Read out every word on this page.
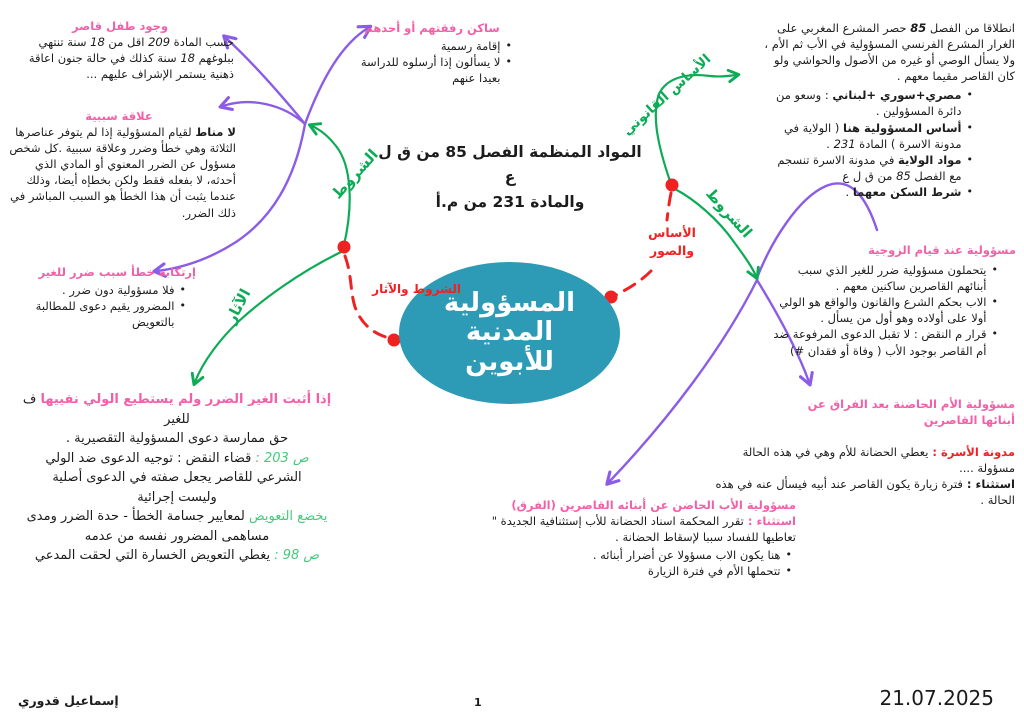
المواد المنظمة الفصل 85 من ق ل ع
والمادة 231 من م.أ
المسؤولية
المدنية
للأبوين
الشروط
الآثار
الأساس القانوني
الشروط
الشروط والآثار
الأساس
والصور
انطلاقا من الفصل 85 حصر المشرع المغربي على الغرار المشرع الفرنسي المسؤولية في الأب ثم الأم ، ولا يسأل الوصي أو غيره من الأصول والحواشي ولو كان القاصر مقيما معهم .
•
مصري+سوري +لبناني : وسعو من دائرة المسؤولين .
•
أساس المسؤولية هنا ( الولاية في مدونة الاسرة ) المادة 231 .
•
مواد الولاية في مدونة الاسرة تنسجم مع الفصل 85 من ق ل ع
•
شرط السكن معهما .
وجود طفل قاصر
حسب المادة 209 اقل من 18 سنة تنتهي ببلوغهم 18 سنة كذلك في حالة جنون اعاقة ذهنية يستمر الإشراف عليهم ...
علاقة سببية
لا مناط لقيام المسؤولية إذا لم يتوفر عناصرها الثلاثة وهي خطأ وضرر وعلاقة سببية .كل شخص مسؤول عن الضرر المعنوي أو المادي الذي أحدثه، لا بفعله فقط ولكن بخطإه أيضا، وذلك عندما يثبت أن هذا الخطأ هو السبب المباشر في ذلك الضرر.
ساكن رفقتهم أو أحدهم
•
إقامة رسمية
•
لا يسألون إذا أرسلوه للدراسة بعيدا عنهم
إرتكابه خطأ سبب ضرر للغير
•
فلا مسؤولية دون ضرر .
•
المضرور يقيم دعوى للمطالبة بالتعويض
إذا أثبت الغير الضرر ولم يستطيع الولي نفييها ف للغير
حق ممارسة دعوى المسؤولية التقصيرية .
ص 203 : قضاء النقض : توجيه الدعوى ضد الولي
الشرعي للقاصر يجعل صفته في الدعوى أصلية
وليست إجرائية
يخضع التعويض لمعايير جسامة الخطأ - حدة الضرر ومدى
مساهمى المضرور نفسه من عدمه
ص 98 : يغطي التعويض الخسارة التي لحقت المدعي
مسؤولية عند قيام الزوجية
•
يتحملون مسؤولية ضرر للغير الذي سبب أبنائهم القاصرين ساكنين معهم .
•
الاب بحكم الشرع والقانون والواقع هو الولي أولا على أولاده وهو أول من يسأل .
•
قرار م النقض : لا تقبل الدعوى المرفوعة ضد أم القاصر بوجود الأب ( وفاة أو فقدان #)
مسؤولية الأم الحاضنة بعد الفراق عن أبنائها القاصرين
مدونة الأسرة : يعطي الحضانة للأم وهي في هذه الحالة
مسؤولة ....
استثناء : فترة زيارة يكون القاصر عند أبيه فيسأل عنه في هذه الحالة .
مسؤولية الأب الحاضن عن أبنائه القاصرين (الفرق)
استثناء : تقرر المحكمة اسناد الحضانة للأب إستثنافية الجديدة " تعاطيها للفساد سببا لإسقاط الحضانة .
•
هنا يكون الاب مسؤولا عن أضرار أبنائه .
•
تتحملها الأم في فترة الزيارة
إسماعيل قدوري	1	21.07.2025
